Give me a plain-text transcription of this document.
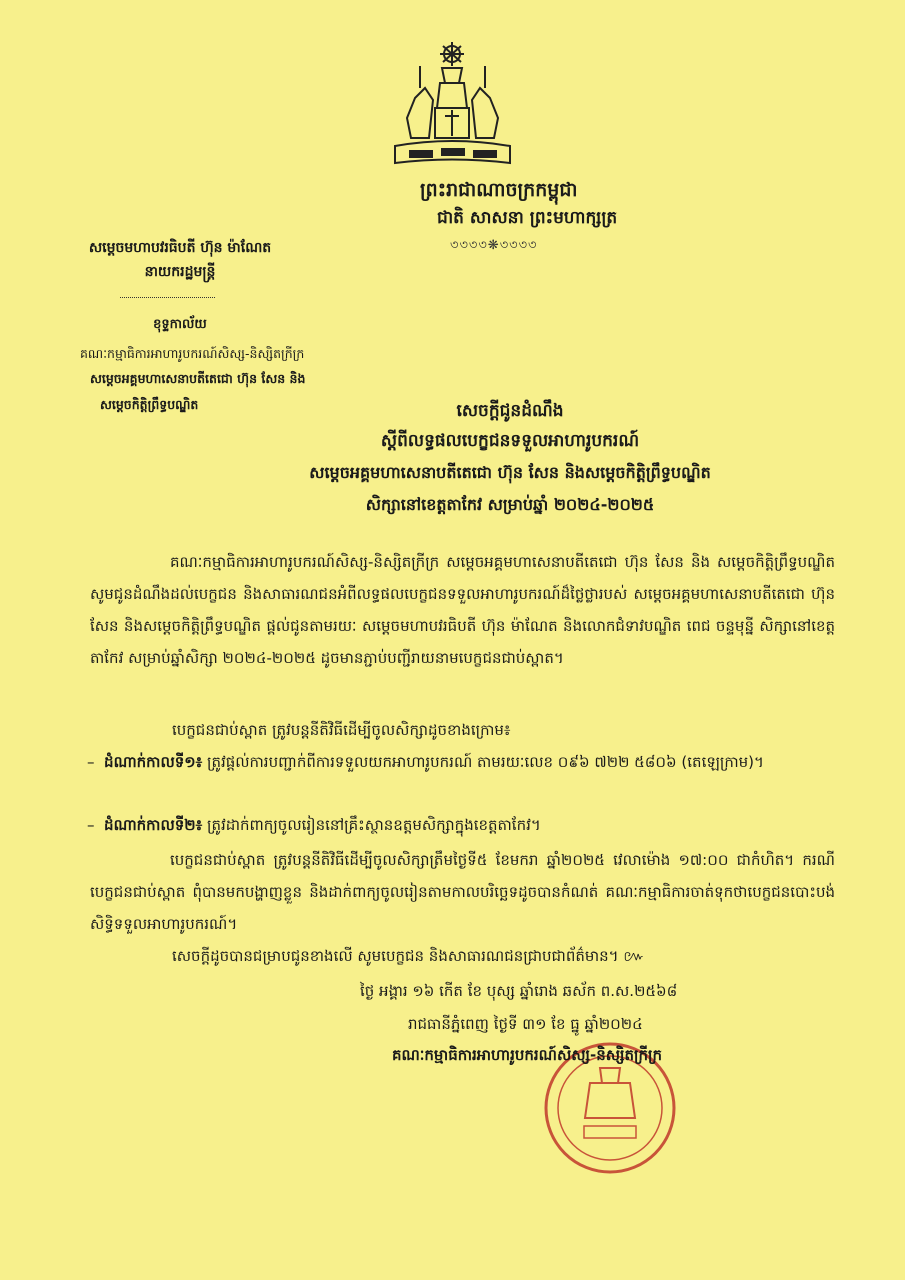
ព្រះរាជាណាចក្រកម្ពុជា
ជាតិ សាសនា ព្រះមហាក្សត្រ
৩৩৩৩❋৩৩৩৩
សម្តេចមហាបវរធិបតី ហ៊ុន ម៉ាណែត
នាយករដ្ឋមន្ត្រី
ខុទ្ទកាល័យ
គណៈកម្មាធិការអាហារូបករណ៍សិស្ស-និស្សិតក្រីក្រ
សម្តេចអគ្គមហាសេនាបតីតេជោ ហ៊ុន សែន និង
សម្តេចកិត្តិព្រឹទ្ធបណ្ឌិត	សេចក្តីជូនដំណឹង
ស្តីពីលទ្ធផលបេក្ខជនទទួលអាហារូបករណ៍
សម្តេចអគ្គមហាសេនាបតីតេជោ ហ៊ុន សែន និងសម្តេចកិត្តិព្រឹទ្ធបណ្ឌិត
សិក្សានៅខេត្តតាកែវ សម្រាប់ឆ្នាំ ២០២៤-២០២៥
គណៈកម្មាធិការអាហារូបករណ៍សិស្ស-និស្សិតក្រីក្រ សម្តេចអគ្គមហាសេនាបតីតេជោ ហ៊ុន សែន និង សម្តេចកិត្តិព្រឹទ្ធបណ្ឌិត សូមជូនដំណឹងដល់បេក្ខជន និងសាធារណជនអំពីលទ្ធផលបេក្ខជនទទួលអាហារូបករណ៍ដ៏ថ្លៃថ្លារបស់ សម្តេចអគ្គមហាសេនាបតីតេជោ ហ៊ុន សែន និងសម្តេចកិត្តិព្រឹទ្ធបណ្ឌិត ផ្តល់ជូនតាមរយៈ សម្តេចមហាបវរធិបតី ហ៊ុន ម៉ាណែត និងលោកជំទាវបណ្ឌិត ពេជ ចន្ទមុន្នី សិក្សានៅខេត្តតាកែវ សម្រាប់ឆ្នាំសិក្សា ២០២៤-២០២៥ ដូចមានភ្ជាប់បញ្ជីរាយនាមបេក្ខជនជាប់ស្ពាត។
បេក្ខជនជាប់ស្ពាត ត្រូវបន្តនីតិវិធីដើម្បីចូលសិក្សាដូចខាងក្រោម៖
–  ដំណាក់កាលទី១៖ ត្រូវផ្តល់ការបញ្ជាក់ពីការទទួលយកអាហារូបករណ៍ តាមរយៈលេខ ០៩៦ ៧២២ ៥៨០៦ (តេឡេក្រាម)។
–  ដំណាក់កាលទី២៖ ត្រូវដាក់ពាក្យចូលរៀននៅគ្រឹះស្ថានឧត្តមសិក្សាក្នុងខេត្តតាកែវ។
បេក្ខជនជាប់ស្ពាត ត្រូវបន្តនីតិវិធីដើម្បីចូលសិក្សាត្រឹមថ្ងៃទី៥ ខែមករា ឆ្នាំ២០២៥ វេលាម៉ោង ១៧:០០ ជាកំហិត។ ករណីបេក្ខជនជាប់ស្ពាត ពុំបានមកបង្ហាញខ្លួន និងដាក់ពាក្យចូលរៀនតាមកាលបរិច្ឆេទដូចបានកំណត់ គណៈកម្មាធិការចាត់ទុកថាបេក្ខជនបោះបង់សិទ្ធិទទួលអាហារូបករណ៍។
សេចក្តីដូចបានជម្រាបជូនខាងលើ សូមបេក្ខជន និងសាធារណជនជ្រាបជាព័ត៌មាន។ ៚
ថ្ងៃ អង្គារ ១៦ កើត ខែ បុស្ស ឆ្នាំរោង ឆស័ក ព.ស.២៥៦៨
រាជធានីភ្នំពេញ ថ្ងៃទី ៣១ ខែ ធ្នូ ឆ្នាំ២០២៤
គណៈកម្មាធិការអាហារូបករណ៍សិស្ស-និស្សិតក្រីក្រ
